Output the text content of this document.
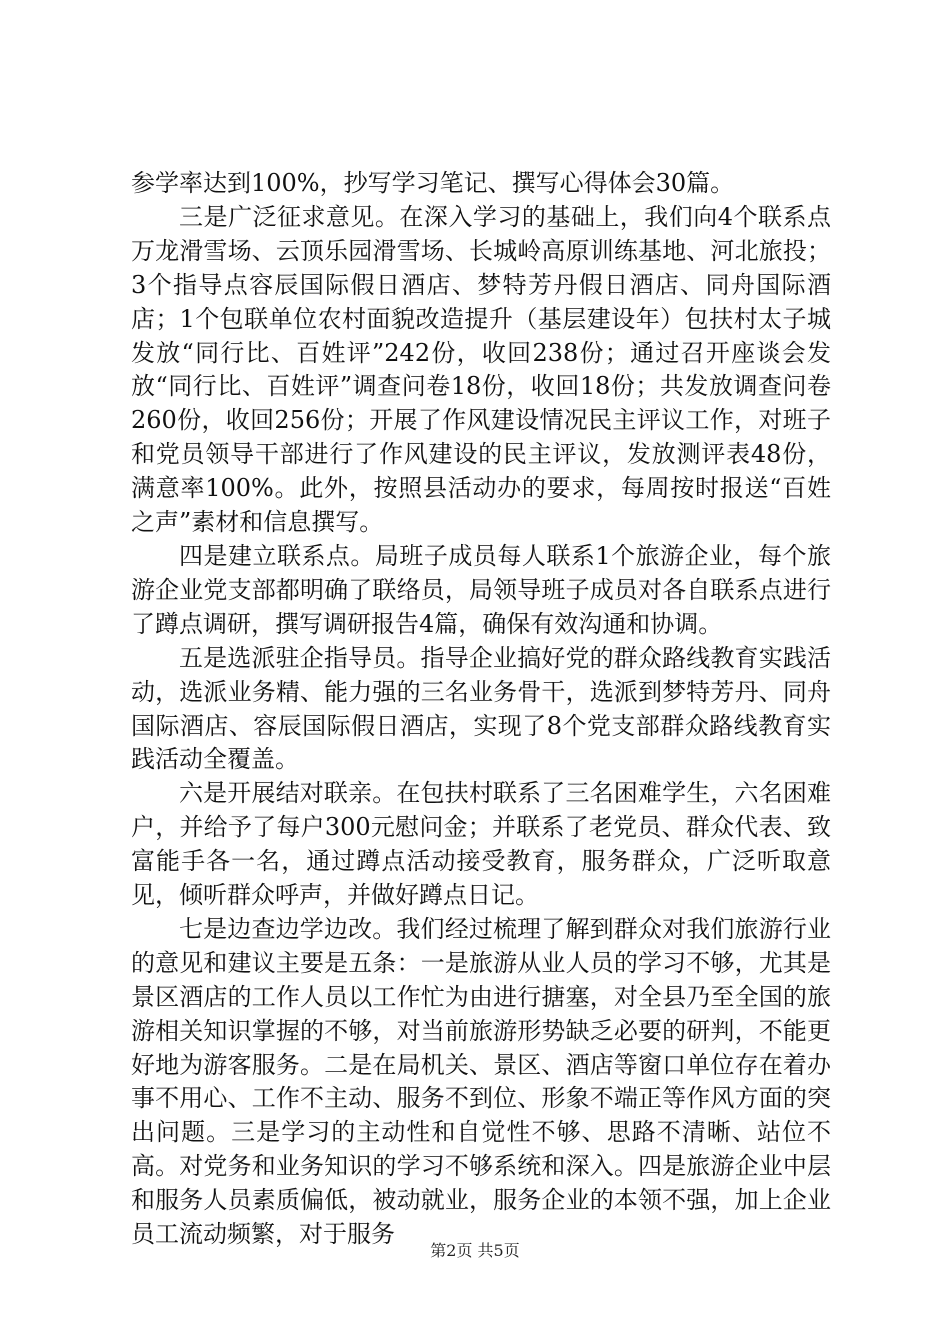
参学率达到100%，抄写学习笔记、撰写心得体会30篇。

三是广泛征求意见。在深入学习的基础上，我们向4个联系点万龙滑雪场、云顶乐园滑雪场、长城岭高原训练基地、河北旅投；3个指导点容辰国际假日酒店、梦特芳丹假日酒店、同舟国际酒店；1个包联单位农村面貌改造提升（基层建设年）包扶村太子城发放“同行比、百姓评”242份，收回238份；通过召开座谈会发放“同行比、百姓评”调查问卷18份，收回18份；共发放调查问卷260份，收回256份；开展了作风建设情况民主评议工作，对班子和党员领导干部进行了作风建设的民主评议，发放测评表48份，满意率100%。此外，按照县活动办的要求，每周按时报送“百姓之声”素材和信息撰写。

四是建立联系点。局班子成员每人联系1个旅游企业，每个旅游企业党支部都明确了联络员，局领导班子成员对各自联系点进行了蹲点调研，撰写调研报告4篇，确保有效沟通和协调。

五是选派驻企指导员。指导企业搞好党的群众路线教育实践活动，选派业务精、能力强的三名业务骨干，选派到梦特芳丹、同舟国际酒店、容辰国际假日酒店，实现了8个党支部群众路线教育实践活动全覆盖。

六是开展结对联亲。在包扶村联系了三名困难学生，六名困难户，并给予了每户300元慰问金；并联系了老党员、群众代表、致富能手各一名，通过蹲点活动接受教育，服务群众，广泛听取意见，倾听群众呼声，并做好蹲点日记。

七是边查边学边改。我们经过梳理了解到群众对我们旅游行业的意见和建议主要是五条：一是旅游从业人员的学习不够，尤其是景区酒店的工作人员以工作忙为由进行搪塞，对全县乃至全国的旅游相关知识掌握的不够，对当前旅游形势缺乏必要的研判，不能更好地为游客服务。二是在局机关、景区、酒店等窗口单位存在着办事不用心、工作不主动、服务不到位、形象不端正等作风方面的突出问题。三是学习的主动性和自觉性不够、思路不清晰、站位不高。对党务和业务知识的学习不够系统和深入。四是旅游企业中层和服务人员素质偏低，被动就业，服务企业的本领不强，加上企业员工流动频繁，对于服务

第2页 共5页
